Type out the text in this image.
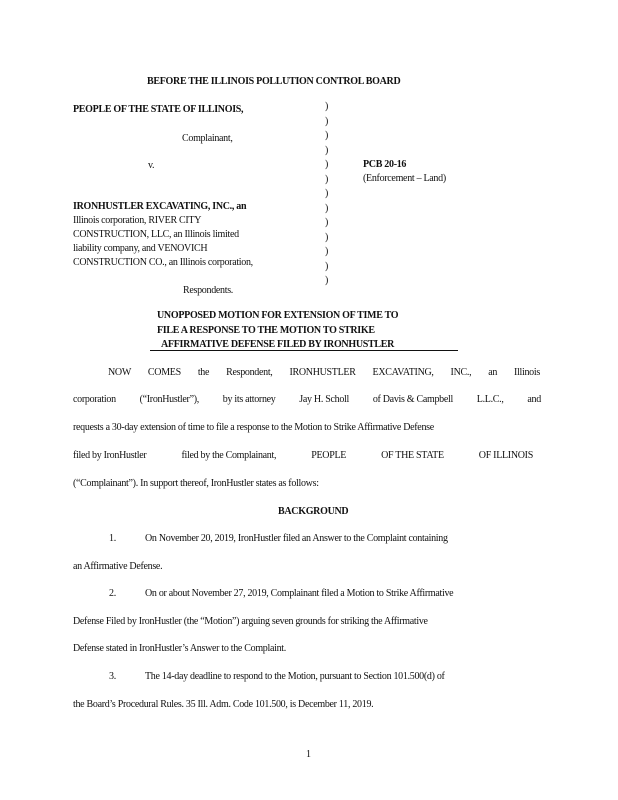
BEFORE THE ILLINOIS POLLUTION CONTROL BOARD
PEOPLE OF THE STATE OF ILLINOIS,
Complainant,
v.
IRONHUSTLER EXCAVATING, INC., an
Illinois corporation, RIVER CITY
CONSTRUCTION, LLC, an Illinois limited
liability company, and VENOVICH
CONSTRUCTION CO., an Illinois corporation,
Respondents.
)
)
)
)
)
)
)
)
)
)
)
)
)
PCB 20-16
(Enforcement – Land)
UNOPPOSED MOTION FOR EXTENSION OF TIME TO
FILE A RESPONSE TO THE MOTION TO STRIKE
AFFIRMATIVE DEFENSE FILED BY IRONHUSTLER
NOW COMES the Respondent, IRONHUSTLER EXCAVATING, INC., an Illinois
corporation (“IronHustler”), by its attorney Jay H. Scholl of Davis & Campbell L.L.C., and
requests a 30-day extension of time to file a response to the Motion to Strike Affirmative Defense
filed by IronHustler	filed by the Complainant,	PEOPLE	OF THE STATE	OF ILLINOIS
(“Complainant”). In support thereof, IronHustler states as follows:
BACKGROUND
1.	On November 20, 2019, IronHustler filed an Answer to the Complaint containing
an Affirmative Defense.
2.	On or about November 27, 2019, Complainant filed a Motion to Strike Affirmative
Defense Filed by IronHustler (the “Motion”) arguing seven grounds for striking the Affirmative
Defense stated in IronHustler’s Answer to the Complaint.
3.	The 14-day deadline to respond to the Motion, pursuant to Section 101.500(d) of
the Board’s Procedural Rules. 35 Ill. Adm. Code 101.500, is December 11, 2019.
1
